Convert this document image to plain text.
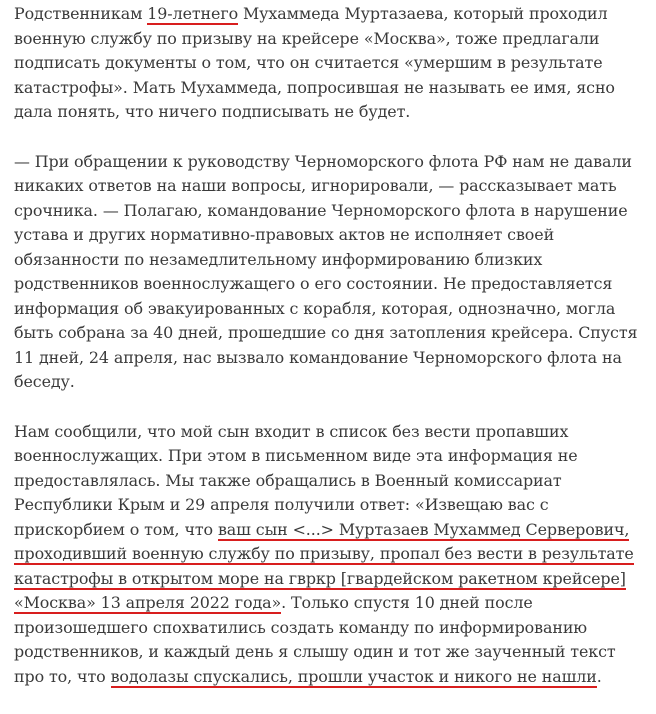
Родственникам 19-летнего Мухаммеда Муртазаева, который проходил
военную службу по призыву на крейсере «Москва», тоже предлагали
подписать документы о том, что он считается «умершим в результате
катастрофы». Мать Мухаммеда, попросившая не называть ее имя, ясно
дала понять, что ничего подписывать не будет.

— При обращении к руководству Черноморского флота РФ нам не давали
никаких ответов на наши вопросы, игнорировали, — рассказывает мать
срочника. — Полагаю, командование Черноморского флота в нарушение
устава и других нормативно-правовых актов не исполняет своей
обязанности по незамедлительному информированию близких
родственников военнослужащего о его состоянии. Не предоставляется
информация об эвакуированных с корабля, которая, однозначно, могла
быть собрана за 40 дней, прошедшие со дня затопления крейсера. Спустя
11 дней, 24 апреля, нас вызвало командование Черноморского флота на
беседу.

Нам сообщили, что мой сын входит в список без вести пропавших
военнослужащих. При этом в письменном виде эта информация не
предоставлялась. Мы также обращались в Военный комиссариат
Республики Крым и 29 апреля получили ответ: «Извещаю вас с
прискорбием о том, что ваш сын <...> Муртазаев Мухаммед Серверович,
проходивший военную службу по призыву, пропал без вести в результате
катастрофы в открытом море на гвркр [гвардейском ракетном крейсере]
«Москва» 13 апреля 2022 года». Только спустя 10 дней после
произошедшего спохватились создать команду по информированию
родственников, и каждый день я слышу один и тот же заученный текст
про то, что водолазы спускались, прошли участок и никого не нашли.
